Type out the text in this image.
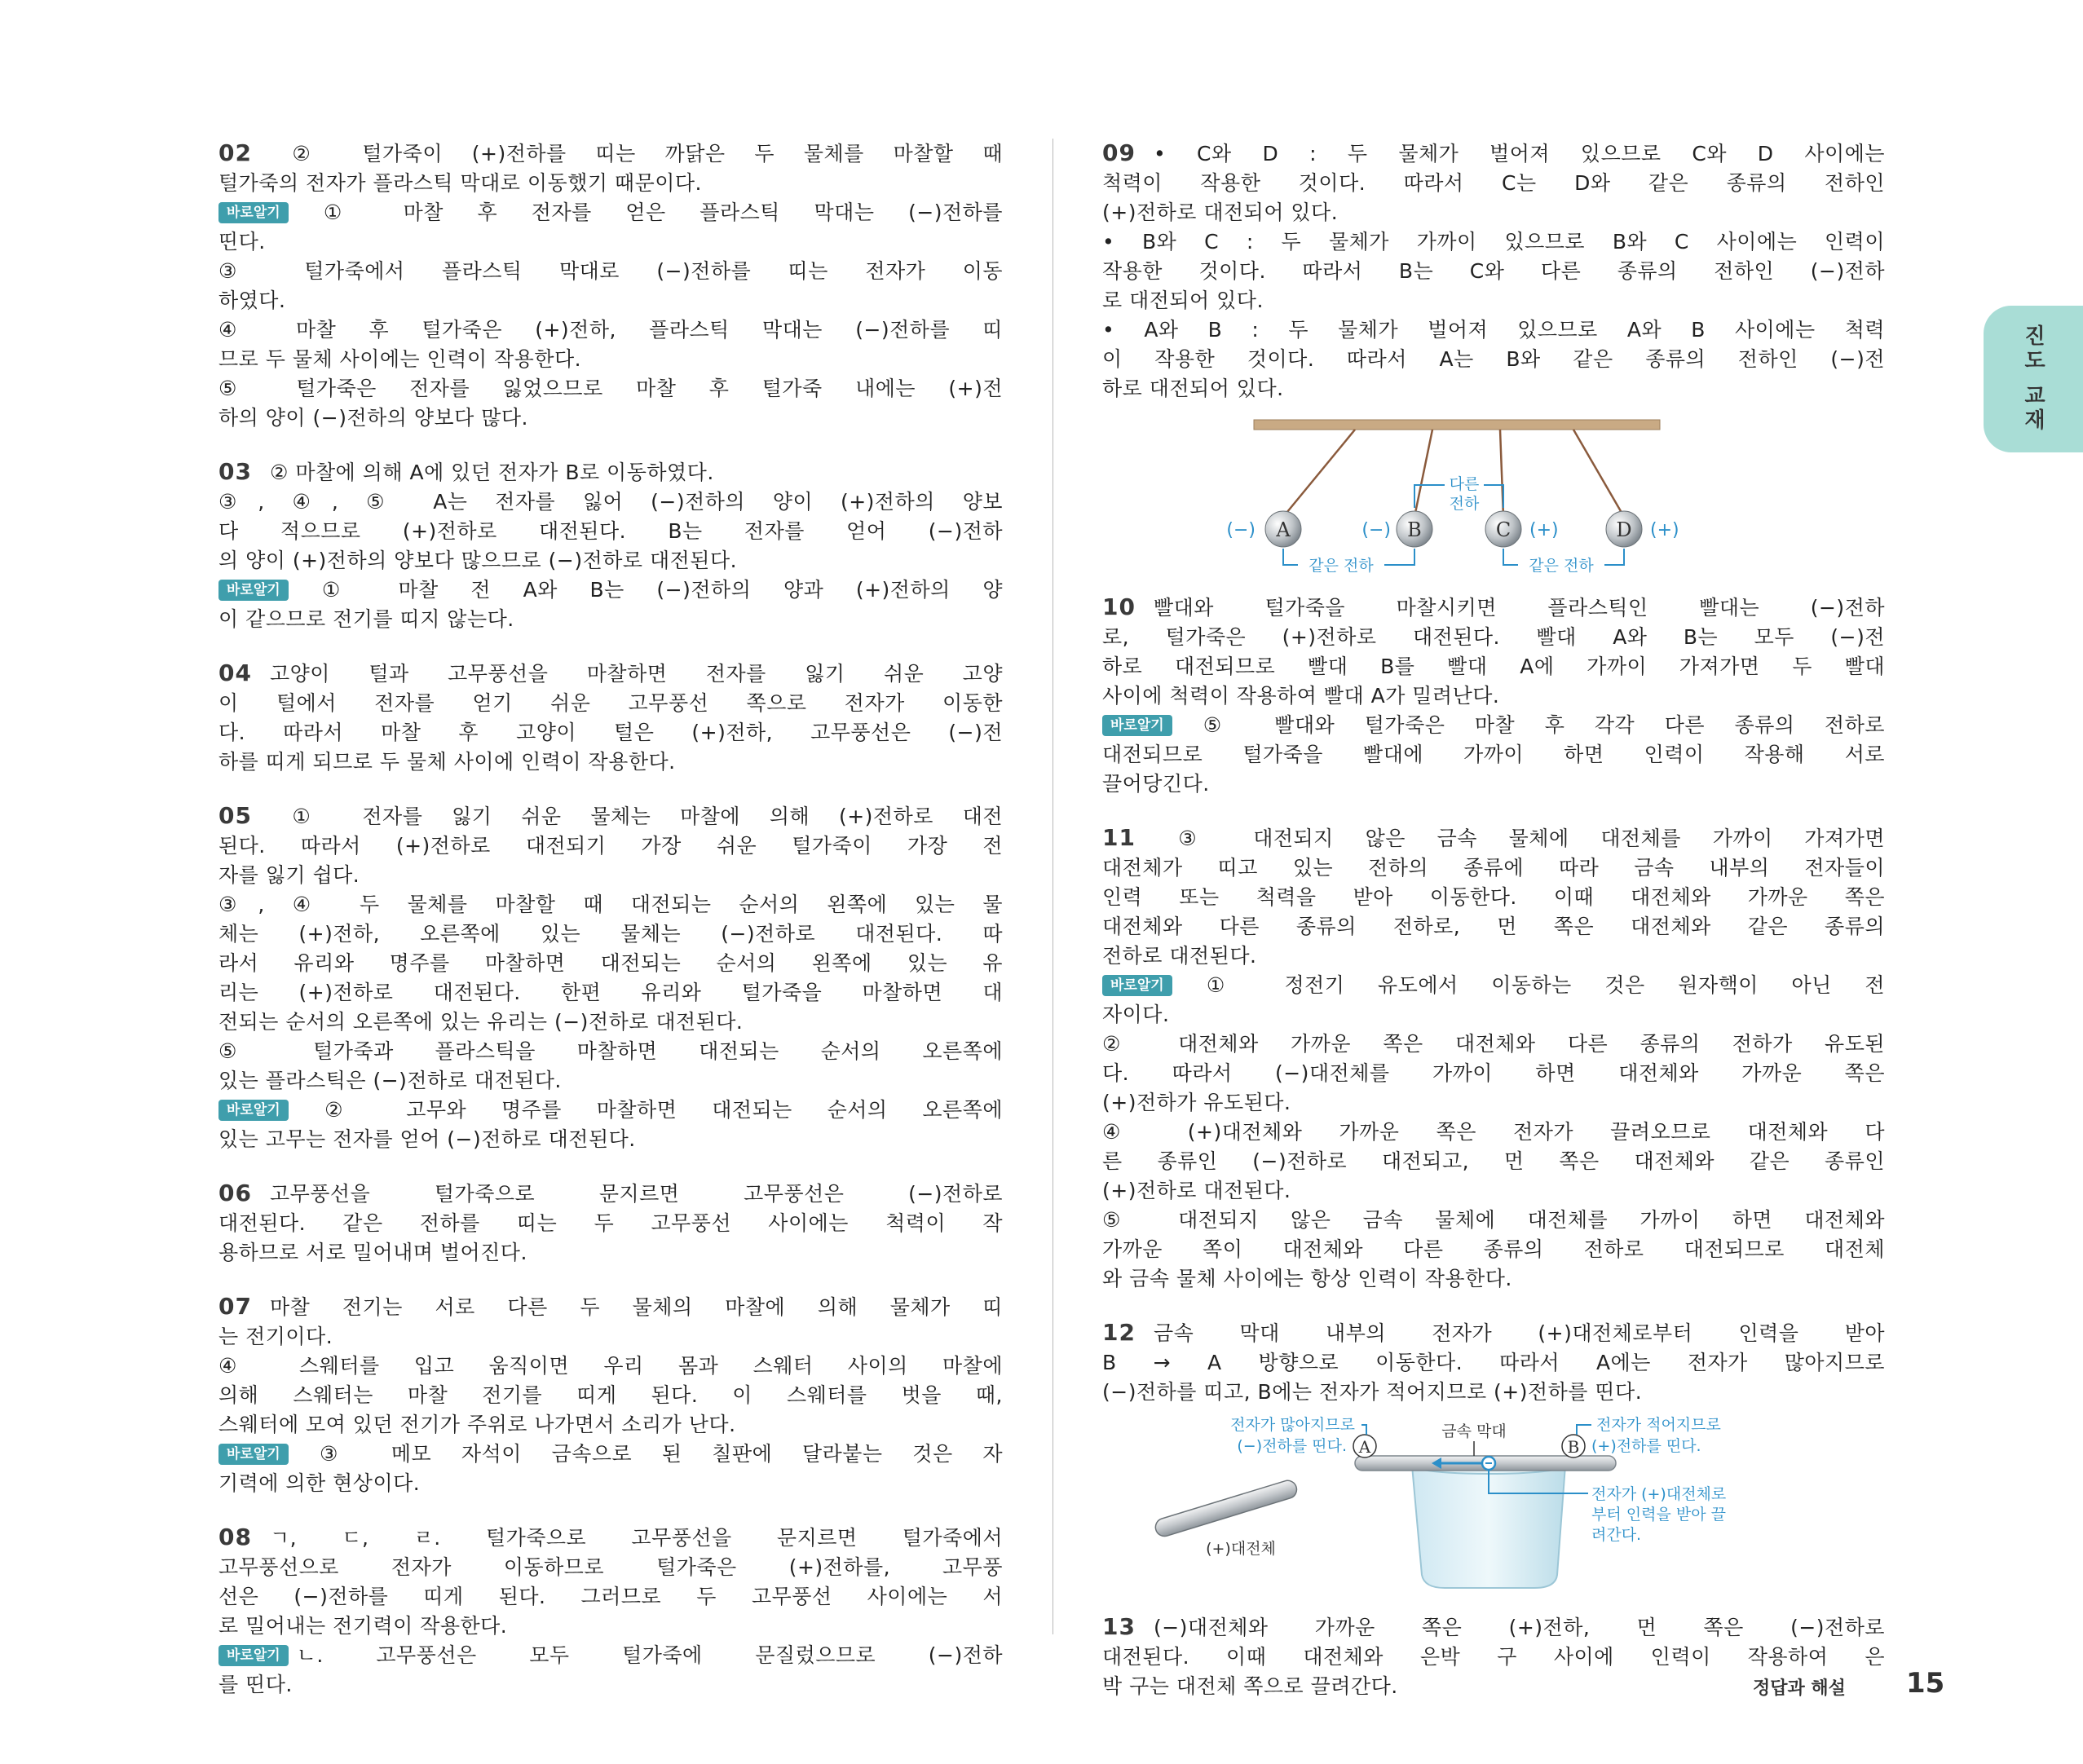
진도 교재
02 ② 털가죽이 (+)전하를 띠는 까닭은 두 물체를 마찰할 때
털가죽의 전자가 플라스틱 막대로 이동했기 때문이다.
바로알기 ① 마찰 후 전자를 얻은 플라스틱 막대는 (−)전하를
띤다.
③ 털가죽에서 플라스틱 막대로 (−)전하를 띠는 전자가 이동
하였다.
④ 마찰 후 털가죽은 (+)전하, 플라스틱 막대는 (−)전하를 띠
므로 두 물체 사이에는 인력이 작용한다.
⑤ 털가죽은 전자를 잃었으므로 마찰 후 털가죽 내에는 (+)전
하의 양이 (−)전하의 양보다 많다.
03 ② 마찰에 의해 A에 있던 전자가 B로 이동하였다.
③, ④, ⑤ A는 전자를 잃어 (−)전하의 양이 (+)전하의 양보
다 적으므로 (+)전하로 대전된다. B는 전자를 얻어 (−)전하
의 양이 (+)전하의 양보다 많으므로 (−)전하로 대전된다.
바로알기 ① 마찰 전 A와 B는 (−)전하의 양과 (+)전하의 양
이 같으므로 전기를 띠지 않는다.
04 고양이 털과 고무풍선을 마찰하면 전자를 잃기 쉬운 고양
이 털에서 전자를 얻기 쉬운 고무풍선 쪽으로 전자가 이동한
다. 따라서 마찰 후 고양이 털은 (+)전하, 고무풍선은 (−)전
하를 띠게 되므로 두 물체 사이에 인력이 작용한다.
05 ① 전자를 잃기 쉬운 물체는 마찰에 의해 (+)전하로 대전
된다. 따라서 (+)전하로 대전되기 가장 쉬운 털가죽이 가장 전
자를 잃기 쉽다.
③, ④ 두 물체를 마찰할 때 대전되는 순서의 왼쪽에 있는 물
체는 (+)전하, 오른쪽에 있는 물체는 (−)전하로 대전된다. 따
라서 유리와 명주를 마찰하면 대전되는 순서의 왼쪽에 있는 유
리는 (+)전하로 대전된다. 한편 유리와 털가죽을 마찰하면 대
전되는 순서의 오른쪽에 있는 유리는 (−)전하로 대전된다.
⑤ 털가죽과 플라스틱을 마찰하면 대전되는 순서의 오른쪽에
있는 플라스틱은 (−)전하로 대전된다.
바로알기 ② 고무와 명주를 마찰하면 대전되는 순서의 오른쪽에
있는 고무는 전자를 얻어 (−)전하로 대전된다.
06 고무풍선을 털가죽으로 문지르면 고무풍선은 (−)전하로
대전된다. 같은 전하를 띠는 두 고무풍선 사이에는 척력이 작
용하므로 서로 밀어내며 벌어진다.
07 마찰 전기는 서로 다른 두 물체의 마찰에 의해 물체가 띠
는 전기이다.
④ 스웨터를 입고 움직이면 우리 몸과 스웨터 사이의 마찰에
의해 스웨터는 마찰 전기를 띠게 된다. 이 스웨터를 벗을 때,
스웨터에 모여 있던 전기가 주위로 나가면서 소리가 난다.
바로알기 ③ 메모 자석이 금속으로 된 칠판에 달라붙는 것은 자
기력에 의한 현상이다.
08 ㄱ, ㄷ, ㄹ. 털가죽으로 고무풍선을 문지르면 털가죽에서
고무풍선으로 전자가 이동하므로 털가죽은 (+)전하를, 고무풍
선은 (−)전하를 띠게 된다. 그러므로 두 고무풍선 사이에는 서
로 밀어내는 전기력이 작용한다.
바로알기 ㄴ. 고무풍선은 모두 털가죽에 문질렀으므로 (−)전하
를 띤다.
09 • C와 D : 두 물체가 벌어져 있으므로 C와 D 사이에는
척력이 작용한 것이다. 따라서 C는 D와 같은 종류의 전하인
(+)전하로 대전되어 있다.
• B와 C : 두 물체가 가까이 있으므로 B와 C 사이에는 인력이
작용한 것이다. 따라서 B는 C와 다른 종류의 전하인 (−)전하
로 대전되어 있다.
• A와 B : 두 물체가 벌어져 있으므로 A와 B 사이에는 척력
이 작용한 것이다. 따라서 A는 B와 같은 종류의 전하인 (−)전
하로 대전되어 있다.
A	B	C	D
(−)	(−)	(+)	(+)
다른
전하
같은 전하	같은 전하
10 빨대와 털가죽을 마찰시키면 플라스틱인 빨대는 (−)전하
로, 털가죽은 (+)전하로 대전된다. 빨대 A와 B는 모두 (−)전
하로 대전되므로 빨대 B를 빨대 A에 가까이 가져가면 두 빨대
사이에 척력이 작용하여 빨대 A가 밀려난다.
바로알기 ⑤ 빨대와 털가죽은 마찰 후 각각 다른 종류의 전하로
대전되므로 털가죽을 빨대에 가까이 하면 인력이 작용해 서로
끌어당긴다.
11 ③ 대전되지 않은 금속 물체에 대전체를 가까이 가져가면
대전체가 띠고 있는 전하의 종류에 따라 금속 내부의 전자들이
인력 또는 척력을 받아 이동한다. 이때 대전체와 가까운 쪽은
대전체와 다른 종류의 전하로, 먼 쪽은 대전체와 같은 종류의
전하로 대전된다.
바로알기 ① 정전기 유도에서 이동하는 것은 원자핵이 아닌 전
자이다.
② 대전체와 가까운 쪽은 대전체와 다른 종류의 전하가 유도된
다. 따라서 (−)대전체를 가까이 하면 대전체와 가까운 쪽은
(+)전하가 유도된다.
④ (+)대전체와 가까운 쪽은 전자가 끌려오므로 대전체와 다
른 종류인 (−)전하로 대전되고, 먼 쪽은 대전체와 같은 종류인
(+)전하로 대전된다.
⑤ 대전되지 않은 금속 물체에 대전체를 가까이 하면 대전체와
가까운 쪽이 대전체와 다른 종류의 전하로 대전되므로 대전체
와 금속 물체 사이에는 항상 인력이 작용한다.
12 금속 막대 내부의 전자가 (+)대전체로부터 인력을 받아
B → A 방향으로 이동한다. 따라서 A에는 전자가 많아지므로
(−)전하를 띠고, B에는 전자가 적어지므로 (+)전하를 띤다.
A	B
금속 막대
전자가 많아지므로
(−)전하를 띤다.
전자가 적어지므로
(+)전하를 띤다.
전자가 (+)대전체로
부터 인력을 받아 끌
려간다.
(+)대전체
13 (−)대전체와 가까운 쪽은 (+)전하, 먼 쪽은 (−)전하로
대전된다. 이때 대전체와 은박 구 사이에 인력이 작용하여 은
박 구는 대전체 쪽으로 끌려간다.	정답과 해설 15
